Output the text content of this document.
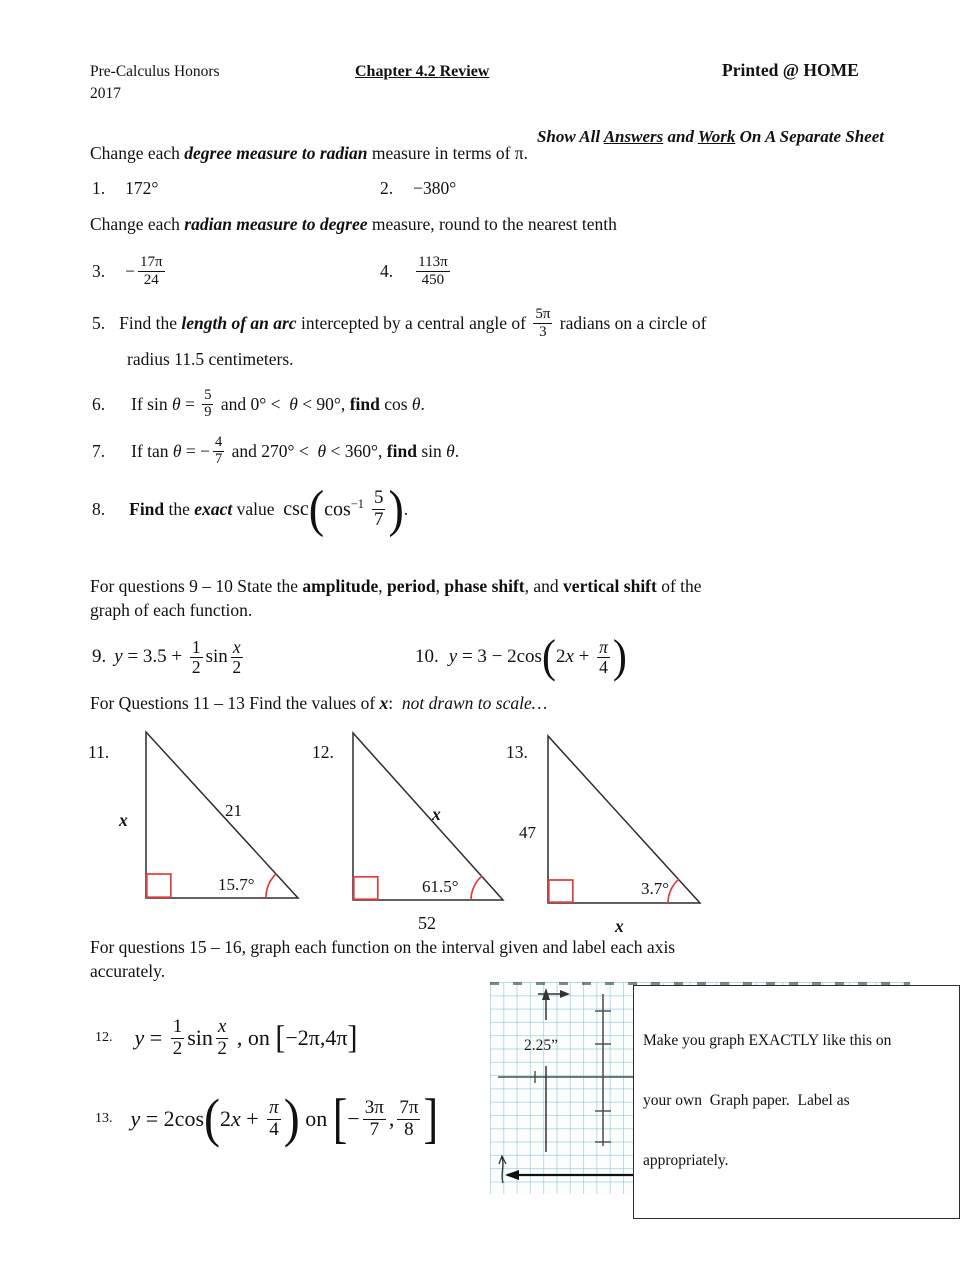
Pre-Calculus Honors
2017
Chapter 4.2 Review	Printed @ HOME

Show All Answers and Work On A Separate Sheet

Change each degree measure to radian measure in terms of π.
1. 172°	2. −380°
Change each radian measure to degree measure, round to the nearest tenth
3. − $\frac{17\pi}{24}$	4. $\frac{113\pi}{450}$
5. Find the length of an arc intercepted by a central angle of $\frac{5\pi}{3}$ radians on a circle of
radius 11.5 centimeters.
6. If $\sin \theta = \frac{5}{9}$ and 0° < θ < 90°, find cos θ .
7. If tan θ = − $\frac{4}{7}$ and 270° < θ < 360°, find sin θ .
8. Find the exact value csc ( $\cos^{-1} \frac{5}{7}$ ) .
For questions 9 – 10 State the amplitude , period , phase shift , and vertical shift of the
graph of each function.
9. $y = 3.5 + \frac{1}{2}$ $\sin \frac{x}{2}$	10. y = 3 − 2cos ( 2 $x + \frac{\pi}{4}$ )
For Questions 11 – 13 Find the values of x : not drawn to scale…
11.
x	21
15.7°
12.
x
61.5°
52
13.
47
3.7°
x
For questions 15 – 16, graph each function on the interval given and label each axis
accurately.
12. $y = \frac{1}{2}$ $\sin \frac{x}{2}$ , on [ −2π,4π ]
13. y = 2cos ( 2 $x + \frac{\pi}{4}$ ) on [ − $\frac{3\pi}{7}$ , $\frac{7\pi}{8}$ ]
2.25”

	Make you graph EXACTLY like this on

your own  Graph paper.  Label as

appropriately.
